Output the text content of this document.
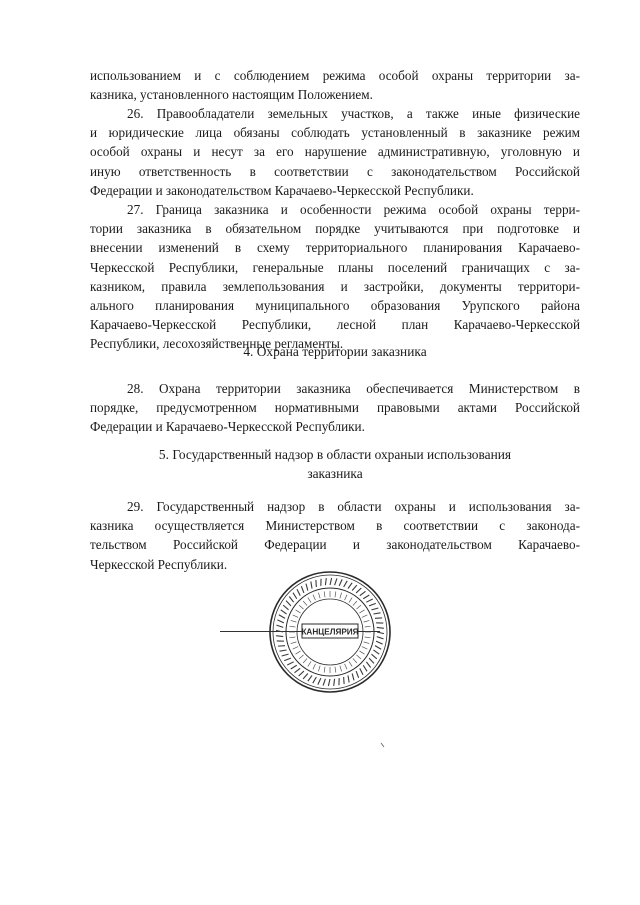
использованием и с соблюдением режима особой охраны территории за-
казника, установленного настоящим Положением.
26. Правообладатели земельных участков, а также иные физические
и юридические лица обязаны соблюдать установленный в заказнике режим
особой охраны и несут за его нарушение административную, уголовную и
иную ответственность в соответствии с законодательством Российской
Федерации и законодательством Карачаево-Черкесской Республики.
27. Граница заказника и особенности режима особой охраны терри-
тории заказника в обязательном порядке учитываются при подготовке и
внесении изменений в схему территориального планирования Карачаево-
Черкесской Республики, генеральные планы поселений граничащих с за-
казником, правила землепользования и застройки, документы территори-
ального планирования муниципального образования Урупского района
Карачаево-Черкесской Республики, лесной план Карачаево-Черкесской
Республики, лесохозяйственные регламенты.
4. Охрана территории заказника
28. Охрана территории заказника обеспечивается Министерством в
порядке, предусмотренном нормативными правовыми актами Российской
Федерации и Карачаево-Черкесской Республики.
5. Государственный надзор в области охраныи использования
заказника
29. Государственный надзор в области охраны и использования за-
казника осуществляется Министерством в соответствии с законода-
тельством Российской Федерации и законодательством Карачаево-
Черкесской Республики.
КАНЦЕЛЯРИЯ
